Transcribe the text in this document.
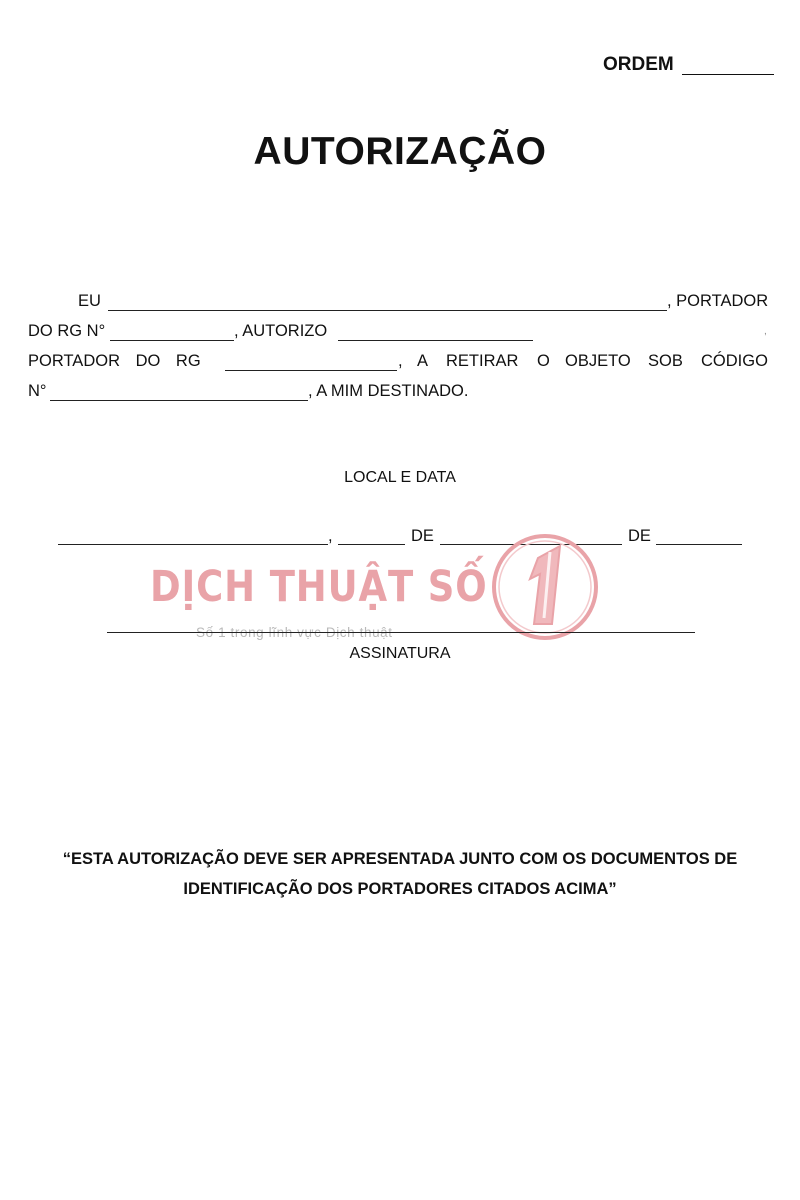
ORDEM
AUTORIZAÇÃO
EU	, PORTADOR
DO RG N°	, AUTORIZO	,
PORTADOR DO RG	, A RETIRAR O OBJETO SOB CÓDIGO
N°	, A MIM DESTINADO.
LOCAL E DATA
,	DE	DE
DỊCH THUẬT SỐ
Số 1 trong lĩnh vực Dịch thuật
ASSINATURA
“ESTA AUTORIZAÇÃO DEVE SER APRESENTADA JUNTO COM OS DOCUMENTOS DE
IDENTIFICAÇÃO DOS PORTADORES CITADOS ACIMA”
